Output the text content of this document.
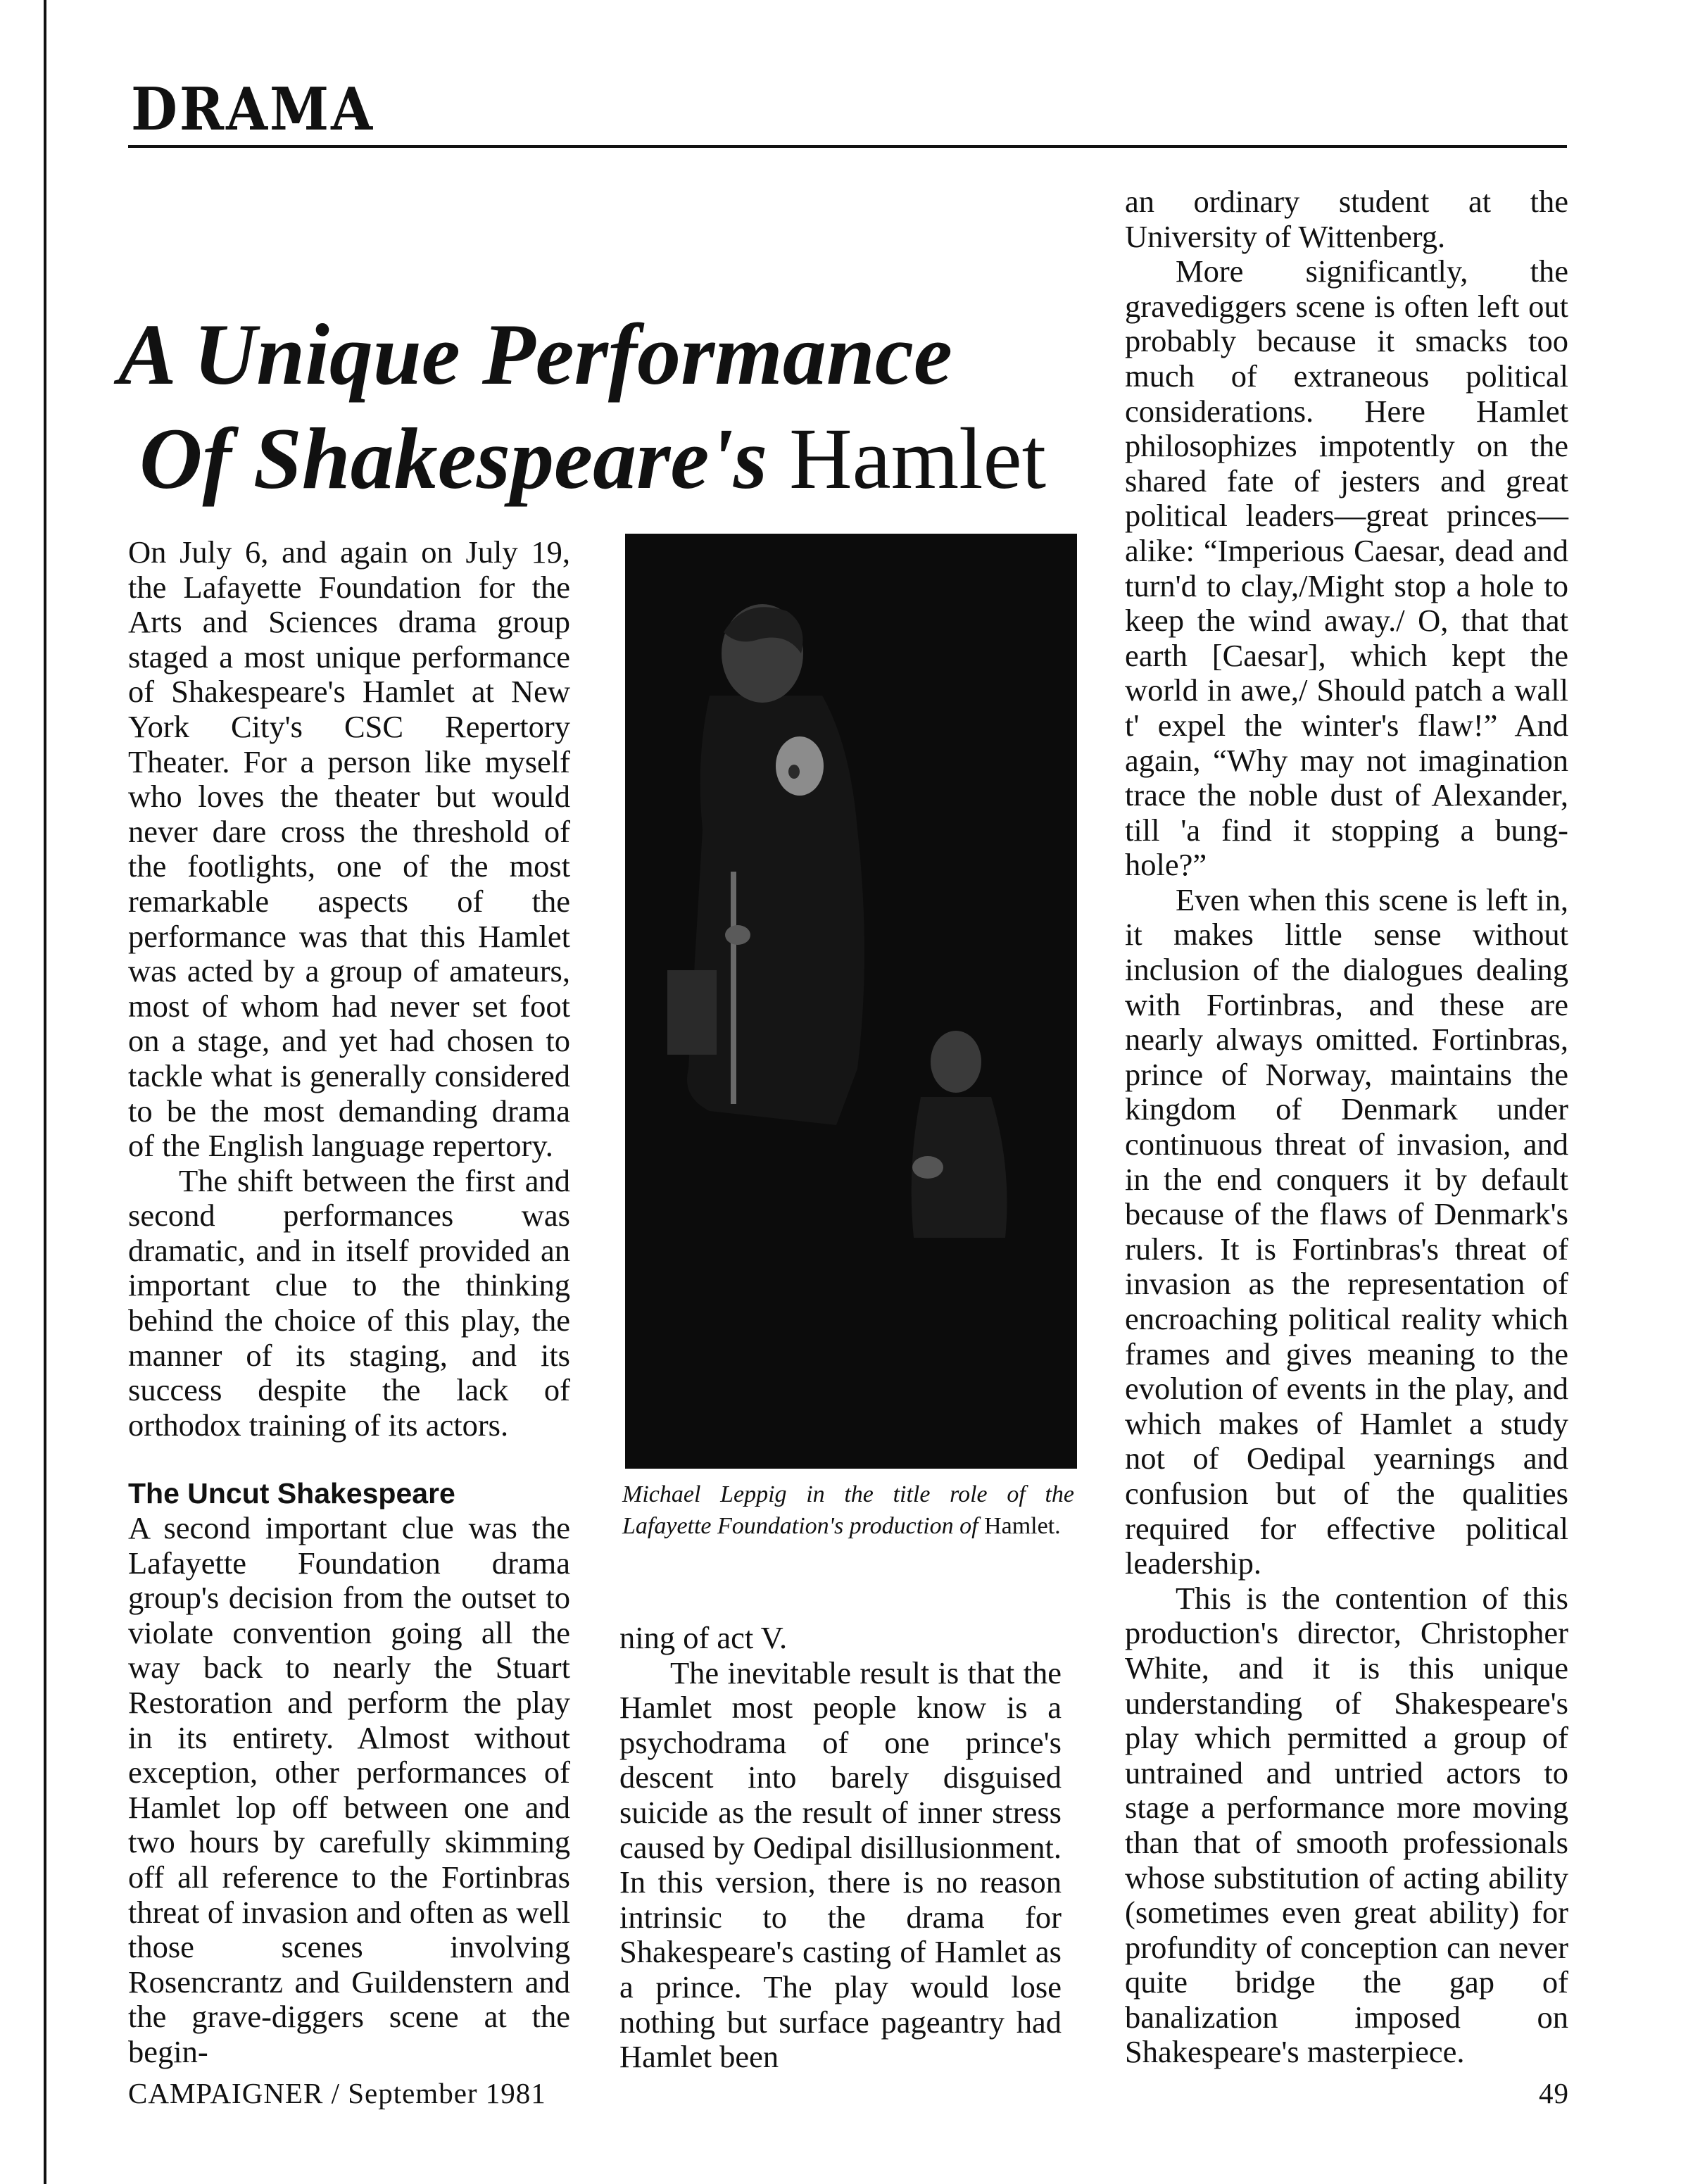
DRAMA
A Unique Performance
Of Shakespeare's Hamlet

On July 6, and again on July 19, the Lafayette Foundation for the Arts and Sciences drama group staged a most unique performance of Shakespeare's Hamlet at New York City's CSC Repertory Theater. For a person like myself who loves the theater but would never dare cross the threshold of the footlights, one of the most remarkable aspects of the performance was that this Hamlet was acted by a group of amateurs, most of whom had never set foot on a stage, and yet had chosen to tackle what is generally considered to be the most demanding drama of the English language repertory.

The shift between the first and second performances was dramatic, and in itself provided an important clue to the thinking behind the choice of this play, the manner of its staging, and its success despite the lack of orthodox training of its actors.

The Uncut Shakespeare

A second important clue was the Lafayette Foundation drama group's decision from the outset to violate convention going all the way back to nearly the Stuart Restoration and perform the play in its entirety. Almost without exception, other performances of Hamlet lop off between one and two hours by carefully skimming off all reference to the Fortinbras threat of invasion and often as well those scenes involving Rosencrantz and Guildenstern and the grave-diggers scene at the begin-

Michael Leppig in the title role of the Lafayette Foundation's production of Hamlet.

ning of act V.

The inevitable result is that the Hamlet most people know is a psychodrama of one prince's descent into barely disguised suicide as the result of inner stress caused by Oedipal disillusionment. In this version, there is no reason intrinsic to the drama for Shakespeare's casting of Hamlet as a prince. The play would lose nothing but surface pageantry had Hamlet been

an ordinary student at the University of Wittenberg.

More significantly, the gravediggers scene is often left out probably because it smacks too much of extraneous political considerations. Here Hamlet philosophizes impotently on the shared fate of jesters and great political leaders—great princes—alike: “Imperious Caesar, dead and turn'd to clay,/Might stop a hole to keep the wind away./ O, that that earth [Caesar], which kept the world in awe,/ Should patch a wall t' expel the winter's flaw!” And again, “Why may not imagination trace the noble dust of Alexander, till 'a find it stopping a bung-hole?”

Even when this scene is left in, it makes little sense without inclusion of the dialogues dealing with Fortinbras, and these are nearly always omitted. Fortinbras, prince of Norway, maintains the kingdom of Denmark under continuous threat of invasion, and in the end conquers it by default because of the flaws of Denmark's rulers. It is Fortinbras's threat of invasion as the representation of encroaching political reality which frames and gives meaning to the evolution of events in the play, and which makes of Hamlet a study not of Oedipal yearnings and confusion but of the qualities required for effective political leadership.

This is the contention of this production's director, Christopher White, and it is this unique understanding of Shakespeare's play which permitted a group of untrained and untried actors to stage a performance more moving than that of smooth professionals whose substitution of acting ability (sometimes even great ability) for profundity of conception can never quite bridge the gap of banalization imposed on Shakespeare's masterpiece.

CAMPAIGNER / September 1981	49
